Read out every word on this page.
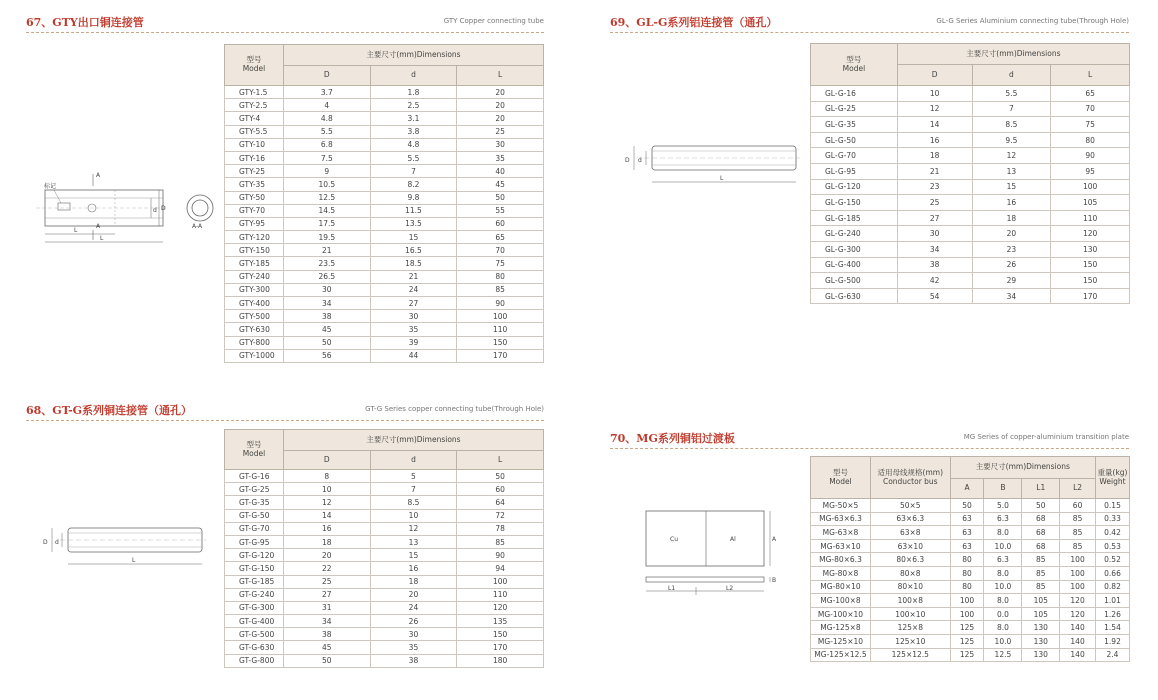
67、GTY出口铜连接管	GTY Copper connecting tube
A
A
标记
L
L
d D
A-A
型号
Model	主要尺寸(mm)Dimensions		
	D	d	L
GTY-1.5	3.7	1.8	20
GTY-2.5	4	2.5	20
GTY-4	4.8	3.1	20
GTY-5.5	5.5	3.8	25
GTY-10	6.8	4.8	30
GTY-16	7.5	5.5	35
GTY-25	9	7	40
GTY-35	10.5	8.2	45
GTY-50	12.5	9.8	50
GTY-70	14.5	11.5	55
GTY-95	17.5	13.5	60
GTY-120	19.5	15	65
GTY-150	21	16.5	70
GTY-185	23.5	18.5	75
GTY-240	26.5	21	80
GTY-300	30	24	85
GTY-400	34	27	90
GTY-500	38	30	100
GTY-630	45	35	110
GTY-800	50	39	150
GTY-1000	56	44	170
68、GT-G系列铜连接管（通孔）	GT-G Series copper connecting tube(Through Hole)
D d
L
型号
Model	主要尺寸(mm)Dimensions		
	D	d	L
GT-G-16	8	5	50
GT-G-25	10	7	60
GT-G-35	12	8.5	64
GT-G-50	14	10	72
GT-G-70	16	12	78
GT-G-95	18	13	85
GT-G-120	20	15	90
GT-G-150	22	16	94
GT-G-185	25	18	100
GT-G-240	27	20	110
GT-G-300	31	24	120
GT-G-400	34	26	135
GT-G-500	38	30	150
GT-G-630	45	35	170
GT-G-800	50	38	180
69、GL-G系列铝连接管（通孔）	GL-G Series Aluminium connecting tube(Through Hole)
D d
L
型号
Model	主要尺寸(mm)Dimensions		
	D	d	L
GL-G-16	10	5.5	65
GL-G-25	12	7	70
GL-G-35	14	8.5	75
GL-G-50	16	9.5	80
GL-G-70	18	12	90
GL-G-95	21	13	95
GL-G-120	23	15	100
GL-G-150	25	16	105
GL-G-185	27	18	110
GL-G-240	30	20	120
GL-G-300	34	23	130
GL-G-400	38	26	150
GL-G-500	42	29	150
GL-G-630	54	34	170
70、MG系列铜铝过渡板	MG Series of copper-aluminium transition plate
Cu	Al	A
B
L1	L2
型号
Model	适用母线规格(mm)
Conductor bus	主要尺寸(mm)Dimensions				重量(kg)
Weight
		A	B	L1	L2	
MG-50×5	50×5	50	5.0	50	60	0.15
MG-63×6.3	63×6.3	63	6.3	68	85	0.33
MG-63×8	63×8	63	8.0	68	85	0.42
MG-63×10	63×10	63	10.0	68	85	0.53
MG-80×6.3	80×6.3	80	6.3	85	100	0.52
MG-80×8	80×8	80	8.0	85	100	0.66
MG-80×10	80×10	80	10.0	85	100	0.82
MG-100×8	100×8	100	8.0	105	120	1.01
MG-100×10	100×10	100	0.0	105	120	1.26
MG-125×8	125×8	125	8.0	130	140	1.54
MG-125×10	125×10	125	10.0	130	140	1.92
MG-125×12.5	125×12.5	125	12.5	130	140	2.4
